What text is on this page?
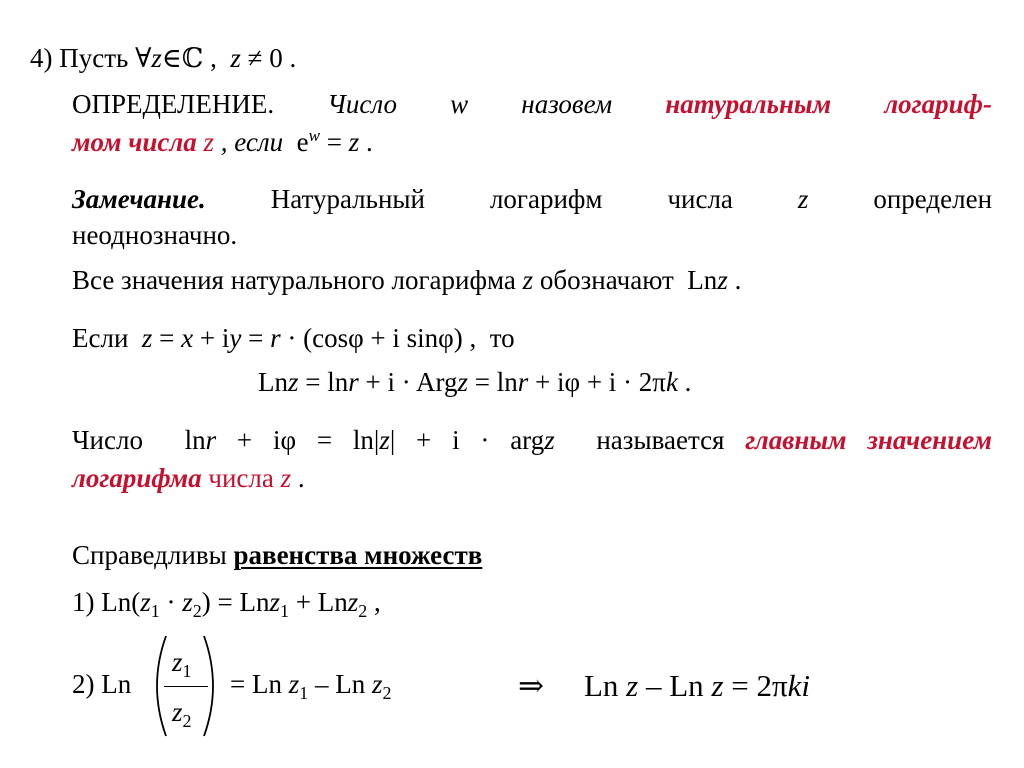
4) Пусть ∀z∈ℂ ,  z ≠ 0 .
ОПРЕДЕЛЕНИЕ. Число w назовем натуральным логариф-
мом числа z , если  $e^w = z$ .
Замечание. Натуральный логарифм числа z определен
неоднозначно.
Все значения натурального логарифма z обозначают  Lnz .
Если  z = x + iy = r · (cosφ + i sinφ) ,  то
Lnz = lnr + i · Argz = lnr + iφ + i · 2πk .
Число  lnr + iφ = ln|z| + i · argz  называется главным значением
логарифма числа z .
Справедливы равенства множеств
1) $Ln(z_1 \cdot z_2) = Lnz_1 + Lnz_2$ ,
2) Ln
$z_1$
$z_2$
= Ln $z_1$ – Ln $z_2$	⇒ Ln z – Ln z = 2πki
